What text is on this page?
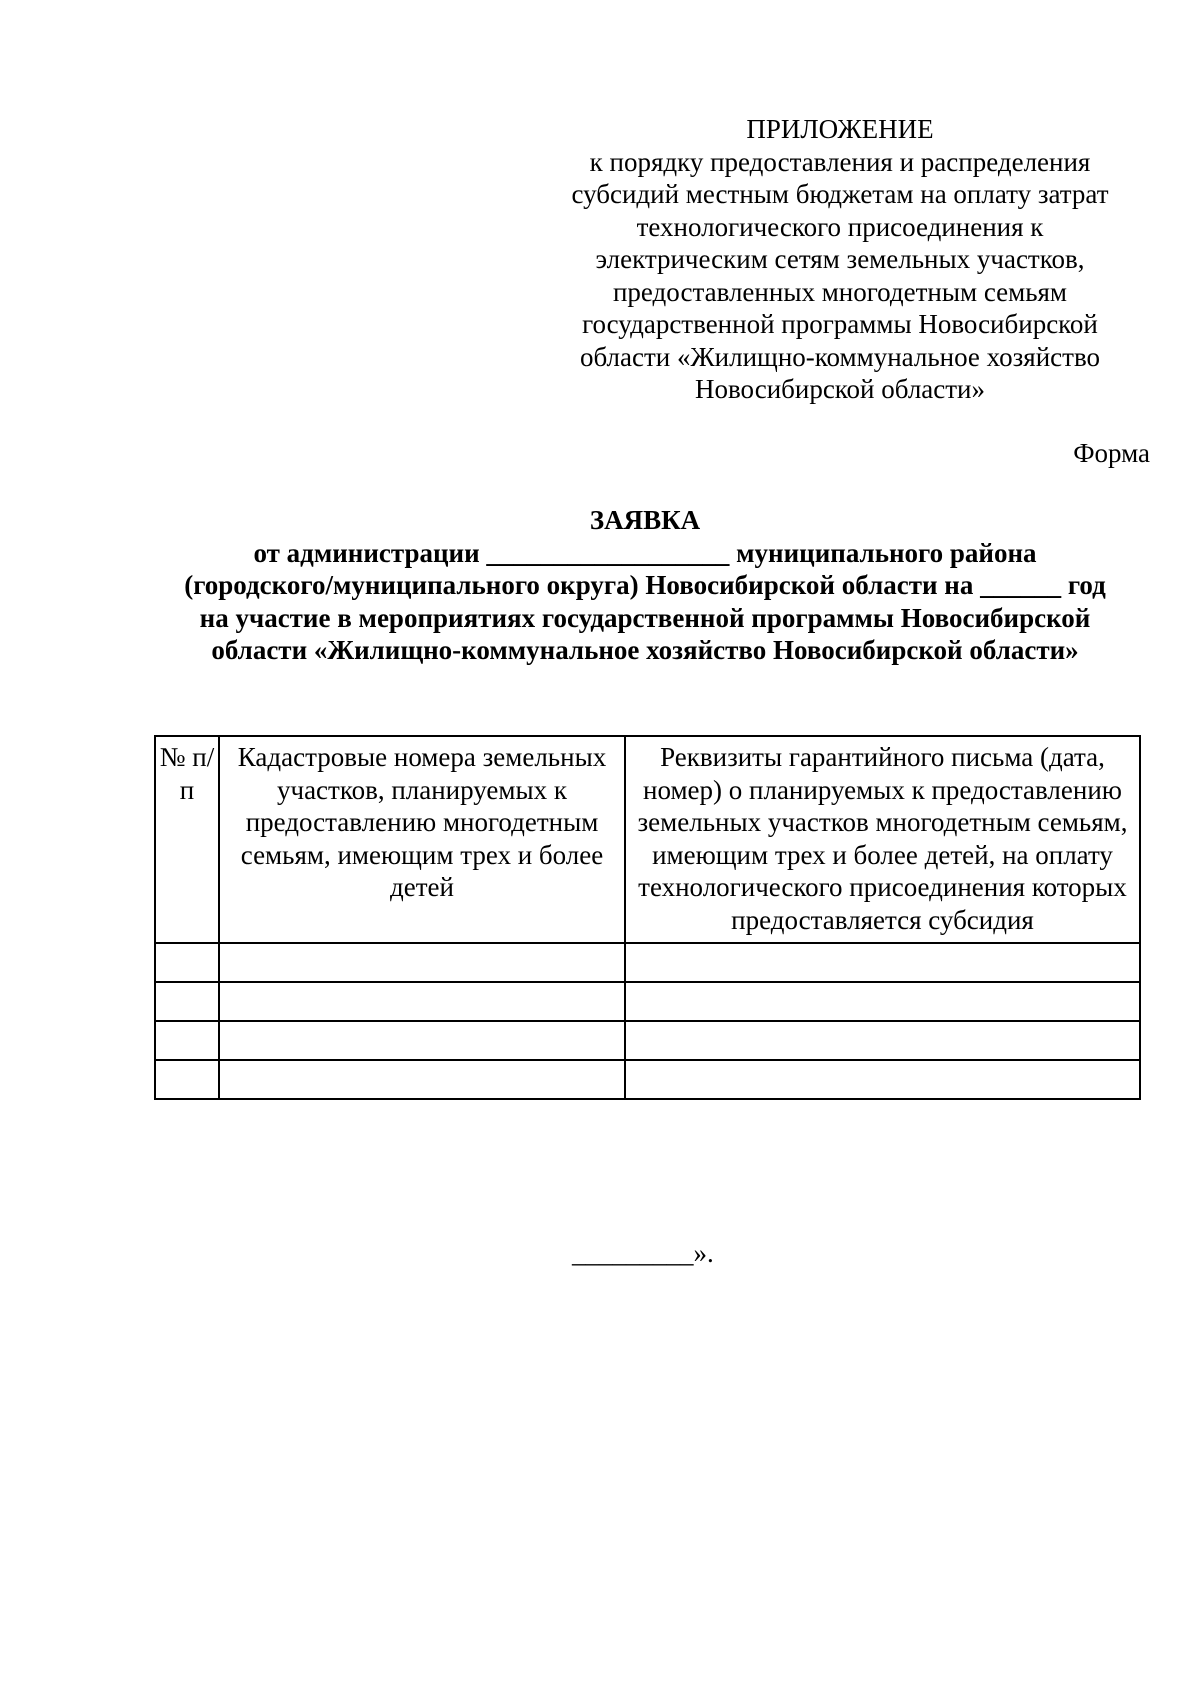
ПРИЛОЖЕНИЕ
к порядку предоставления и распределения
субсидий местным бюджетам на оплату затрат
технологического присоединения к
электрическим сетям земельных участков,
предоставленных многодетным семьям
государственной программы Новосибирской
области «Жилищно-коммунальное хозяйство
Новосибирской области»
Форма
ЗАЯВКА
от администрации __________________ муниципального района
(городского/муниципального округа) Новосибирской области на ______ год
на участие в мероприятиях государственной программы Новосибирской
области «Жилищно-коммунальное хозяйство Новосибирской области»
№ п/п	Кадастровые номера земельных участков, планируемых к предоставлению многодетным семьям, имеющим трех и более детей	Реквизиты гарантийного письма (дата, номер) о планируемых к предоставлению земельных участков многодетным семьям, имеющим трех и более детей, на оплату технологического присоединения которых предоставляется субсидия

_________».
